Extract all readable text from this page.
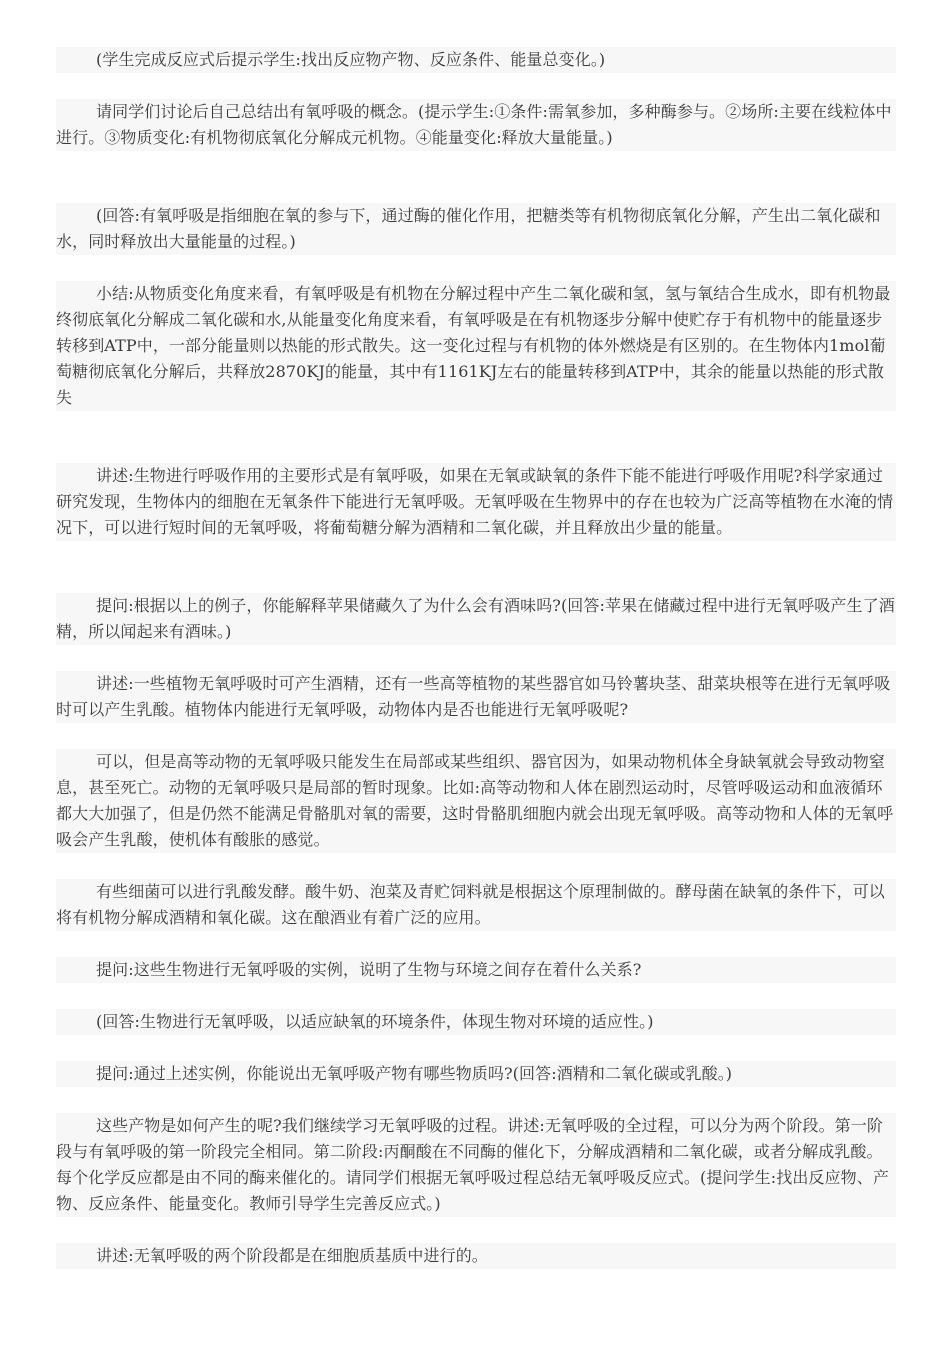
(学生完成反应式后提示学生:找出反应物产物、反应条件、能量总变化。)

请同学们讨论后自己总结出有氧呼吸的概念。(提示学生:①条件:需氧参加，多种酶参与。②场所:主要在线粒体中进行。③物质变化:有机物彻底氧化分解成元机物。④能量变化:释放大量能量。)

(回答:有氧呼吸是指细胞在氧的参与下，通过酶的催化作用，把糖类等有机物彻底氧化分解，产生出二氧化碳和水，同时释放出大量能量的过程。)

小结:从物质变化角度来看，有氧呼吸是有机物在分解过程中产生二氧化碳和氢，氢与氧结合生成水，即有机物最终彻底氧化分解成二氧化碳和水,从能量变化角度来看，有氧呼吸是在有机物逐步分解中使贮存于有机物中的能量逐步转移到ATP中，一部分能量则以热能的形式散失。这一变化过程与有机物的体外燃烧是有区别的。在生物体内1mol葡萄糖彻底氧化分解后，共释放2870KJ的能量，其中有1161KJ左右的能量转移到ATP中，其余的能量以热能的形式散失

讲述:生物进行呼吸作用的主要形式是有氧呼吸，如果在无氧或缺氧的条件下能不能进行呼吸作用呢?科学家通过研究发现，生物体内的细胞在无氧条件下能进行无氧呼吸。无氧呼吸在生物界中的存在也较为广泛高等植物在水淹的情况下，可以进行短时间的无氧呼吸，将葡萄糖分解为酒精和二氧化碳，并且释放出少量的能量。

提问:根据以上的例子，你能解释苹果储藏久了为什么会有酒味吗?(回答:苹果在储藏过程中进行无氧呼吸产生了酒精，所以闻起来有酒味。)

讲述:一些植物无氧呼吸时可产生酒精，还有一些高等植物的某些器官如马铃薯块茎、甜菜块根等在进行无氧呼吸时可以产生乳酸。植物体内能进行无氧呼吸，动物体内是否也能进行无氧呼吸呢?

可以，但是高等动物的无氧呼吸只能发生在局部或某些组织、器官因为，如果动物机体全身缺氧就会导致动物窒息，甚至死亡。动物的无氧呼吸只是局部的暂时现象。比如:高等动物和人体在剧烈运动时，尽管呼吸运动和血液循环都大大加强了，但是仍然不能满足骨骼肌对氧的需要，这时骨骼肌细胞内就会出现无氧呼吸。高等动物和人体的无氧呼吸会产生乳酸，使机体有酸胀的感觉。

有些细菌可以进行乳酸发酵。酸牛奶、泡菜及青贮饲料就是根据这个原理制做的。酵母菌在缺氧的条件下，可以将有机物分解成酒精和氧化碳。这在酿酒业有着广泛的应用。

提问:这些生物进行无氧呼吸的实例，说明了生物与环境之间存在着什么关系?

(回答:生物进行无氧呼吸，以适应缺氧的环境条件，体现生物对环境的适应性。)

提问:通过上述实例，你能说出无氧呼吸产物有哪些物质吗?(回答:酒精和二氧化碳或乳酸。)

这些产物是如何产生的呢?我们继续学习无氧呼吸的过程。讲述:无氧呼吸的全过程，可以分为两个阶段。第一阶段与有氧呼吸的第一阶段完全相同。第二阶段:丙酮酸在不同酶的催化下，分解成酒精和二氧化碳，或者分解成乳酸。每个化学反应都是由不同的酶来催化的。请同学们根据无氧呼吸过程总结无氧呼吸反应式。(提问学生:找出反应物、产物、反应条件、能量变化。教师引导学生完善反应式。)

讲述:无氧呼吸的两个阶段都是在细胞质基质中进行的。
